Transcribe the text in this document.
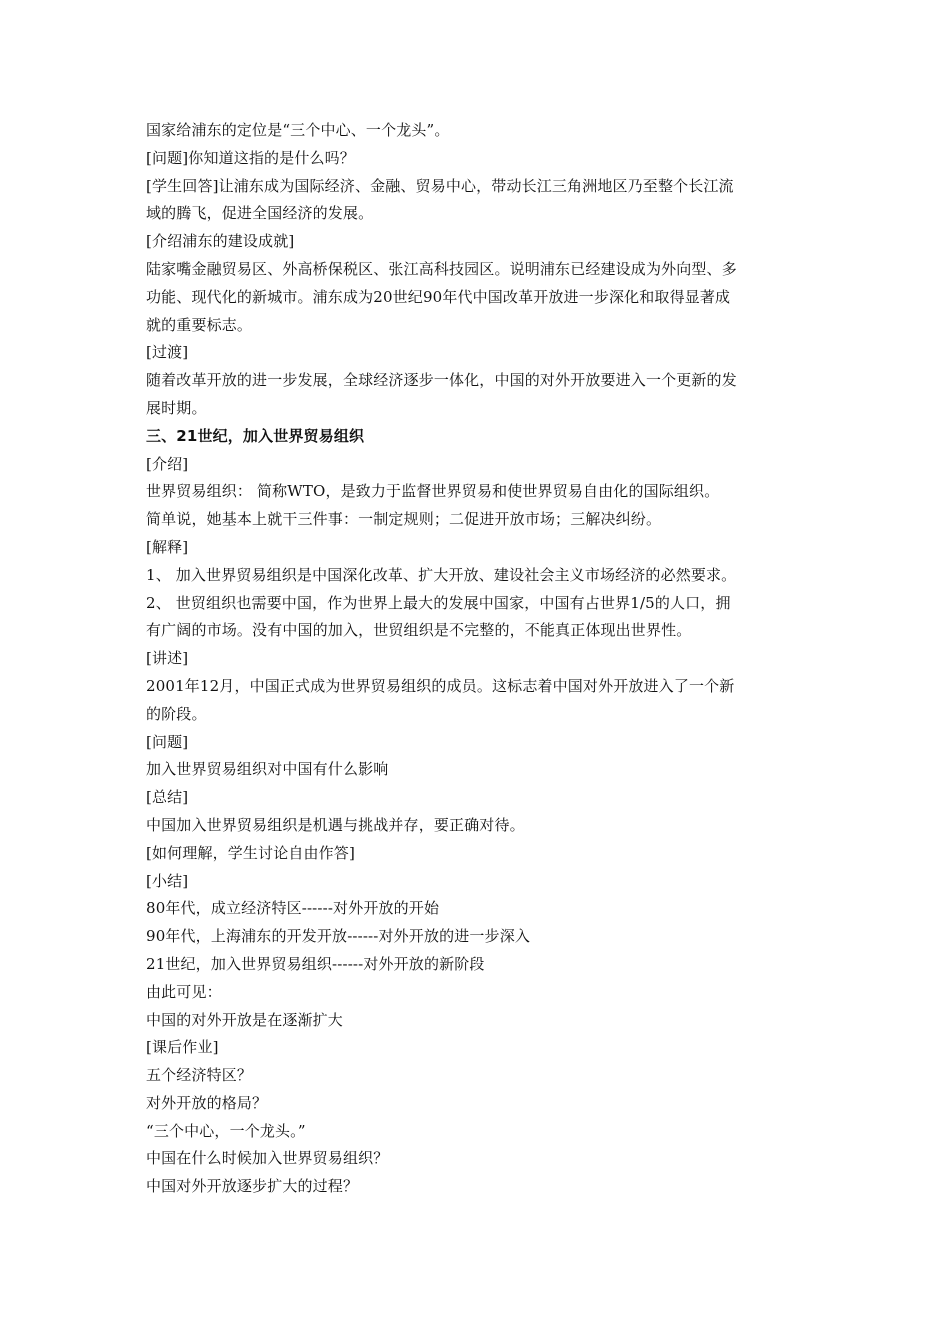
国家给浦东的定位是“三个中心、一个龙头”。
[问题]你知道这指的是什么吗？
[学生回答]让浦东成为国际经济、金融、贸易中心，带动长江三角洲地区乃至整个长江流
域的腾飞，促进全国经济的发展。
[介绍浦东的建设成就]
陆家嘴金融贸易区、外高桥保税区、张江高科技园区。说明浦东已经建设成为外向型、多
功能、现代化的新城市。浦东成为20世纪90年代中国改革开放进一步深化和取得显著成
就的重要标志。
[过渡]
随着改革开放的进一步发展，全球经济逐步一体化，中国的对外开放要进入一个更新的发
展时期。
三、21世纪，加入世界贸易组织
[介绍]
世界贸易组织： 简称WTO，是致力于监督世界贸易和使世界贸易自由化的国际组织。
简单说，她基本上就干三件事：一制定规则；二促进开放市场；三解决纠纷。
[解释]
1、 加入世界贸易组织是中国深化改革、扩大开放、建设社会主义市场经济的必然要求。
2、 世贸组织也需要中国，作为世界上最大的发展中国家，中国有占世界1/5的人口，拥
有广阔的市场。没有中国的加入，世贸组织是不完整的，不能真正体现出世界性。
[讲述]
2001年12月，中国正式成为世界贸易组织的成员。这标志着中国对外开放进入了一个新
的阶段。
[问题]
加入世界贸易组织对中国有什么影响
[总结]
中国加入世界贸易组织是机遇与挑战并存，要正确对待。
[如何理解，学生讨论自由作答]
[小结]
80年代，成立经济特区------对外开放的开始
90年代，上海浦东的开发开放------对外开放的进一步深入
21世纪，加入世界贸易组织------对外开放的新阶段
由此可见：
中国的对外开放是在逐渐扩大
[课后作业]
五个经济特区？
对外开放的格局？
“三个中心，一个龙头。”
中国在什么时候加入世界贸易组织？
中国对外开放逐步扩大的过程？
